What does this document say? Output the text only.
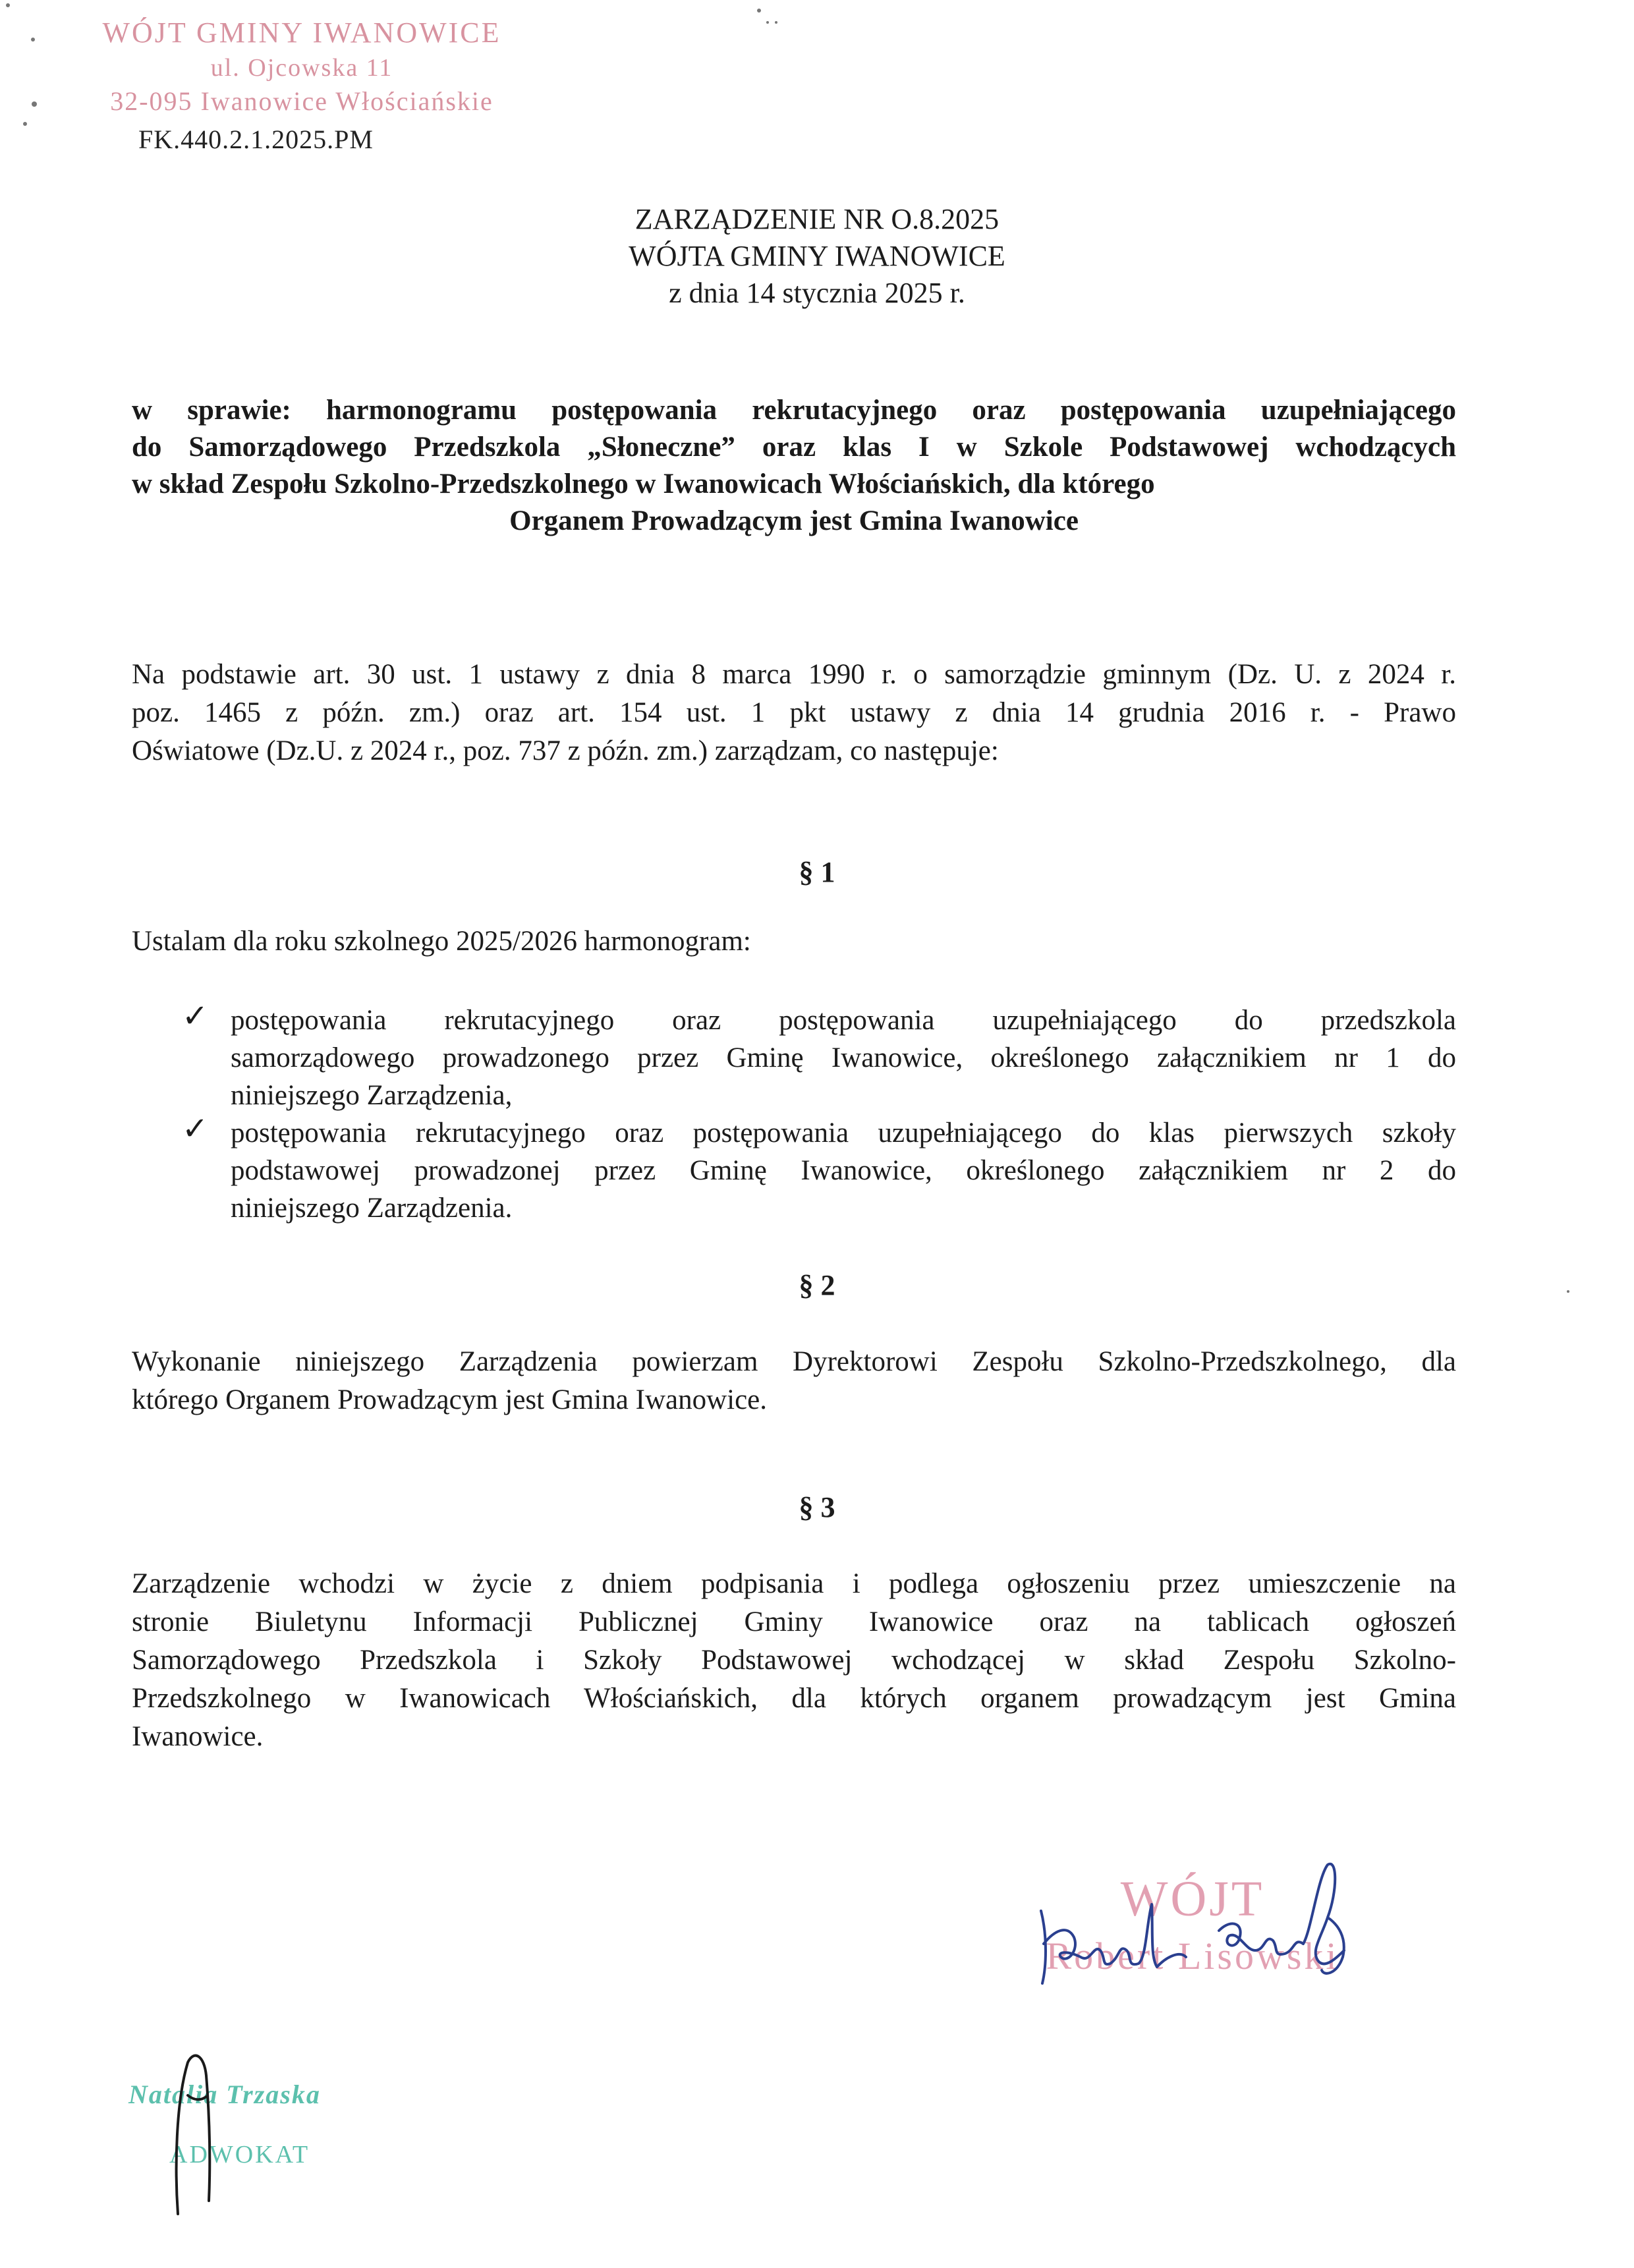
WÓJT GMINY IWANOWICE
ul. Ojcowska 11
32-095 Iwanowice Włościańskie
FK.440.2.1.2025.PM
ZARZĄDZENIE NR O.8.2025
WÓJTA GMINY IWANOWICE
z dnia 14 stycznia 2025 r.
w sprawie: harmonogramu postępowania rekrutacyjnego oraz postępowania uzupełniającego
do Samorządowego Przedszkola „Słoneczne” oraz klas I w Szkole Podstawowej wchodzących
w skład Zespołu Szkolno-Przedszkolnego w Iwanowicach Włościańskich, dla którego
Organem Prowadzącym jest Gmina Iwanowice
Na podstawie art. 30 ust. 1 ustawy z dnia 8 marca 1990 r. o samorządzie gminnym (Dz. U. z 2024 r.
poz. 1465 z późn. zm.) oraz art. 154 ust. 1 pkt ustawy z dnia 14 grudnia 2016 r. - Prawo
Oświatowe (Dz.U. z 2024 r., poz. 737 z późn. zm.) zarządzam, co następuje:
§ 1
Ustalam dla roku szkolnego 2025/2026 harmonogram:
✓ postępowania rekrutacyjnego oraz postępowania uzupełniającego do przedszkola
samorządowego prowadzonego przez Gminę Iwanowice, określonego załącznikiem nr 1 do
niniejszego Zarządzenia,
✓ postępowania rekrutacyjnego oraz postępowania uzupełniającego do klas pierwszych szkoły
podstawowej prowadzonej przez Gminę Iwanowice, określonego załącznikiem nr 2 do
niniejszego Zarządzenia.
§ 2
Wykonanie niniejszego Zarządzenia powierzam Dyrektorowi Zespołu Szkolno-Przedszkolnego, dla
którego Organem Prowadzącym jest Gmina Iwanowice.
§ 3
Zarządzenie wchodzi w życie z dniem podpisania i podlega ogłoszeniu przez umieszczenie na
stronie Biuletynu Informacji Publicznej Gminy Iwanowice oraz na tablicach ogłoszeń
Samorządowego Przedszkola i Szkoły Podstawowej wchodzącej w skład Zespołu Szkolno-
Przedszkolnego w Iwanowicach Włościańskich, dla których organem prowadzącym jest Gmina
Iwanowice.
WÓJT
Robert Lisowski
Natalia Trzaska
ADWOKAT
